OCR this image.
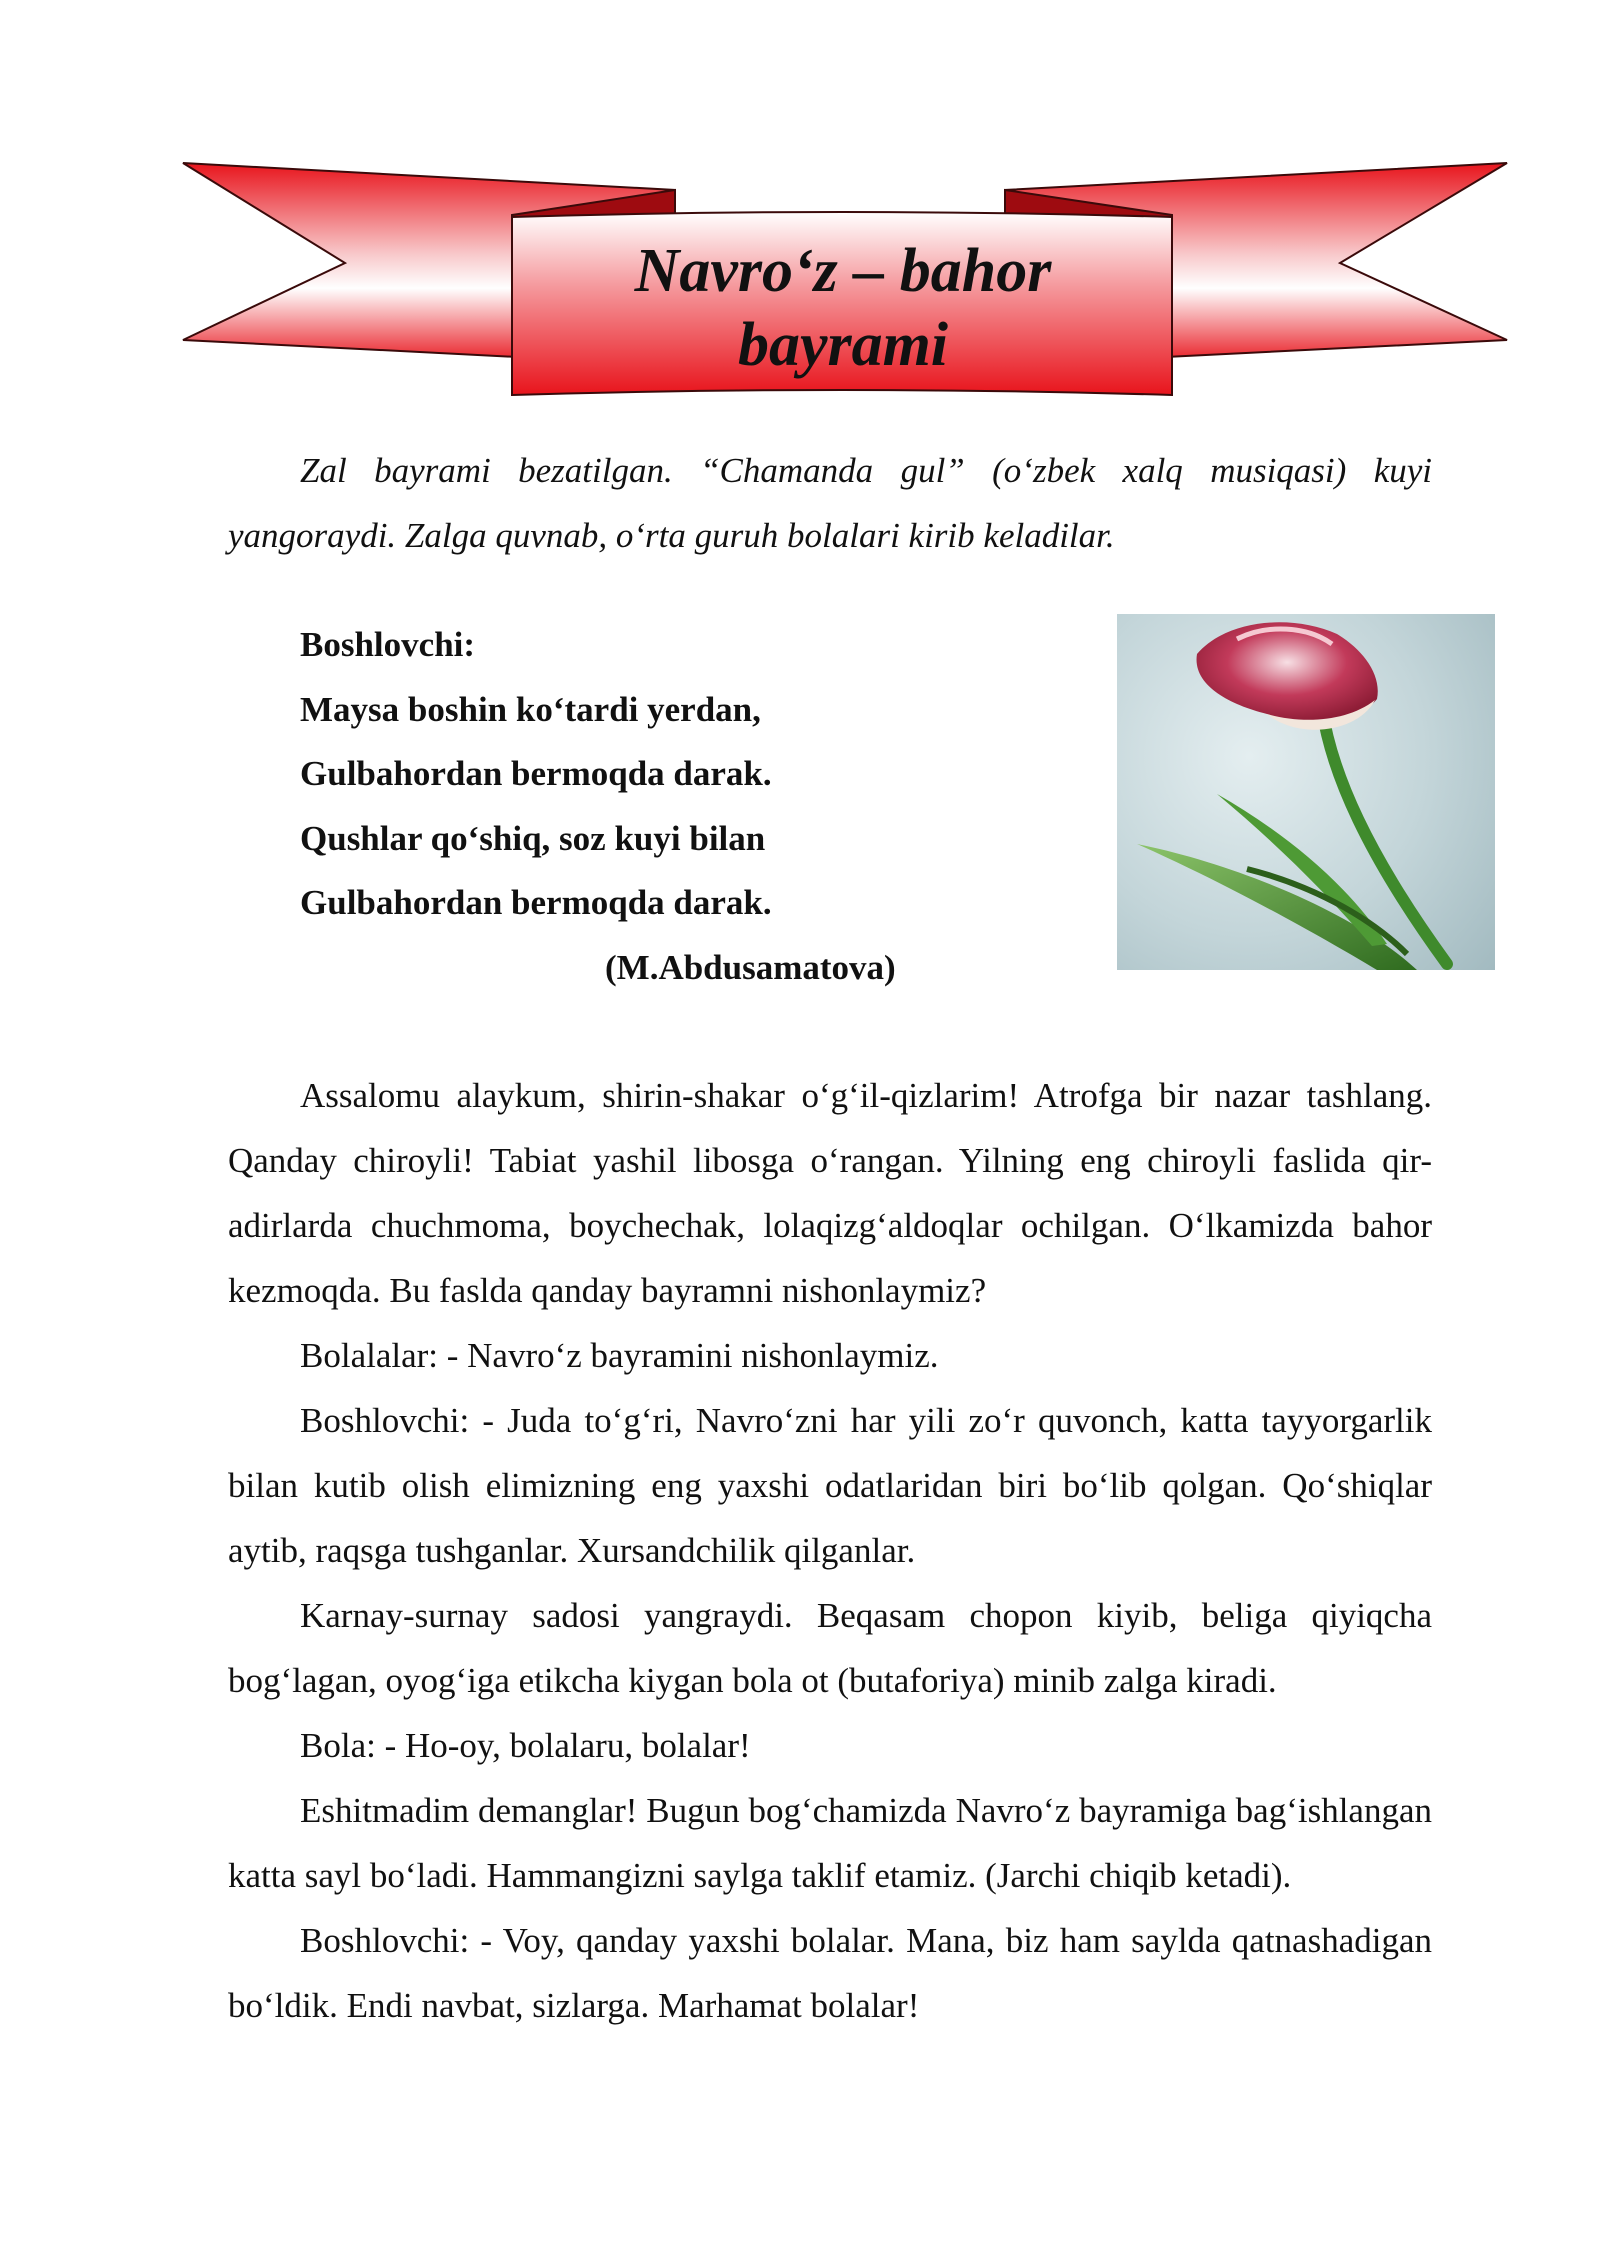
Navro‘z – bahor
bayrami

Zal bayrami bezatilgan. “Chamanda gul” (o‘zbek xalq musiqasi) kuyi yangoraydi. Zalga quvnab, o‘rta guruh bolalari kirib keladilar.

Boshlovchi:
Maysa boshin ko‘tardi yerdan,
Gulbahordan bermoqda darak.
Qushlar qo‘shiq, soz kuyi bilan
Gulbahordan bermoqda darak.
(M.Abdusamatova)

Assalomu alaykum, shirin-shakar o‘g‘il-qizlarim! Atrofga bir nazar tashlang. Qanday chiroyli! Tabiat yashil libosga o‘rangan. Yilning eng chiroyli faslida qir-adirlarda chuchmoma, boychechak, lolaqizg‘aldoqlar ochilgan. O‘lkamizda bahor kezmoqda. Bu faslda qanday bayramni nishonlaymiz?

Bolalalar: - Navro‘z bayramini nishonlaymiz.

Boshlovchi: - Juda to‘g‘ri, Navro‘zni har yili zo‘r quvonch, katta tayyorgarlik bilan kutib olish elimizning eng yaxshi odatlaridan biri bo‘lib qolgan. Qo‘shiqlar aytib, raqsga tushganlar. Xursandchilik qilganlar.

Karnay-surnay sadosi yangraydi. Beqasam chopon kiyib, beliga qiyiqcha bog‘lagan, oyog‘iga etikcha kiygan bola ot (butaforiya) minib zalga kiradi.

Bola: - Ho-oy, bolalaru, bolalar!

Eshitmadim demanglar! Bugun bog‘chamizda Navro‘z bayramiga bag‘ishlangan katta sayl bo‘ladi. Hammangizni saylga taklif etamiz. (Jarchi chiqib ketadi).

Boshlovchi: - Voy, qanday yaxshi bolalar. Mana, biz ham saylda qatnashadigan bo‘ldik. Endi navbat, sizlarga. Marhamat bolalar!
